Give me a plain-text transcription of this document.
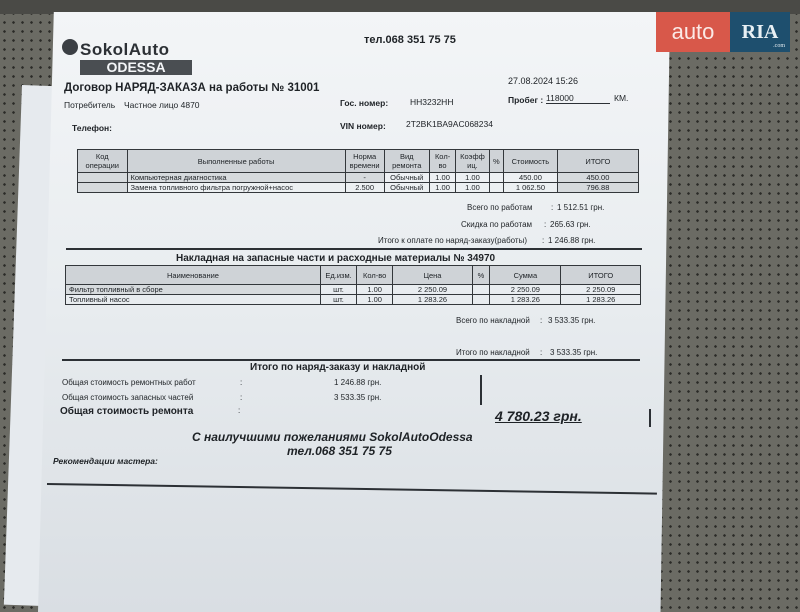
auto	RIA
.com
SokolAuto
ODESSA
тел.068 351 75 75
Договор НАРЯД-ЗАКАЗА на работы № 31001
27.08.2024 15:26
Потребитель Частное лицо 4870
Телефон:
Гос. номер:	HH3232HH
VIN номер: 2T2BK1BA9AC068234
Пробег : 118000	КМ.
Код операции	Выполненные работы	Норма времени	Вид ремонта	Кол-во	Коэфф иц.	%	Стоимость	ИТОГО
	Компьютерная диагностика	-	Обычный	1.00	1.00		450.00	450.00
	Замена топливного фильтра погружной+насос	2.500	Обычный	1.00	1.00		1 062.50	796.88
Всего по работам : 1 512.51 грн.
Скидка по работам : 265.63 грн.
Итого к оплате по наряд-заказу(работы) : 1 246.88 грн.
Накладная на запасные части и расходные материалы № 34970
Наименование	Ед.изм.	Кол-во	Цена	%	Сумма	ИТОГО
Фильтр топливный в сборе	шт.	1.00	2 250.09		2 250.09	2 250.09
Топливный насос	шт.	1.00	1 283.26		1 283.26	1 283.26
Всего по накладной : 3 533.35 грн.
Итого по накладной : 3 533.35 грн.
Итого по наряд-заказу и накладной
Общая стоимость ремонтных работ	:	1 246.88 грн.
Общая стоимость запасных частей	:	3 533.35 грн.
Общая стоимость ремонта	:	4 780.23 грн.
С наилучшими пожеланиями SokolAutoOdessa
тел.068 351 75 75
Рекомендации мастера:
